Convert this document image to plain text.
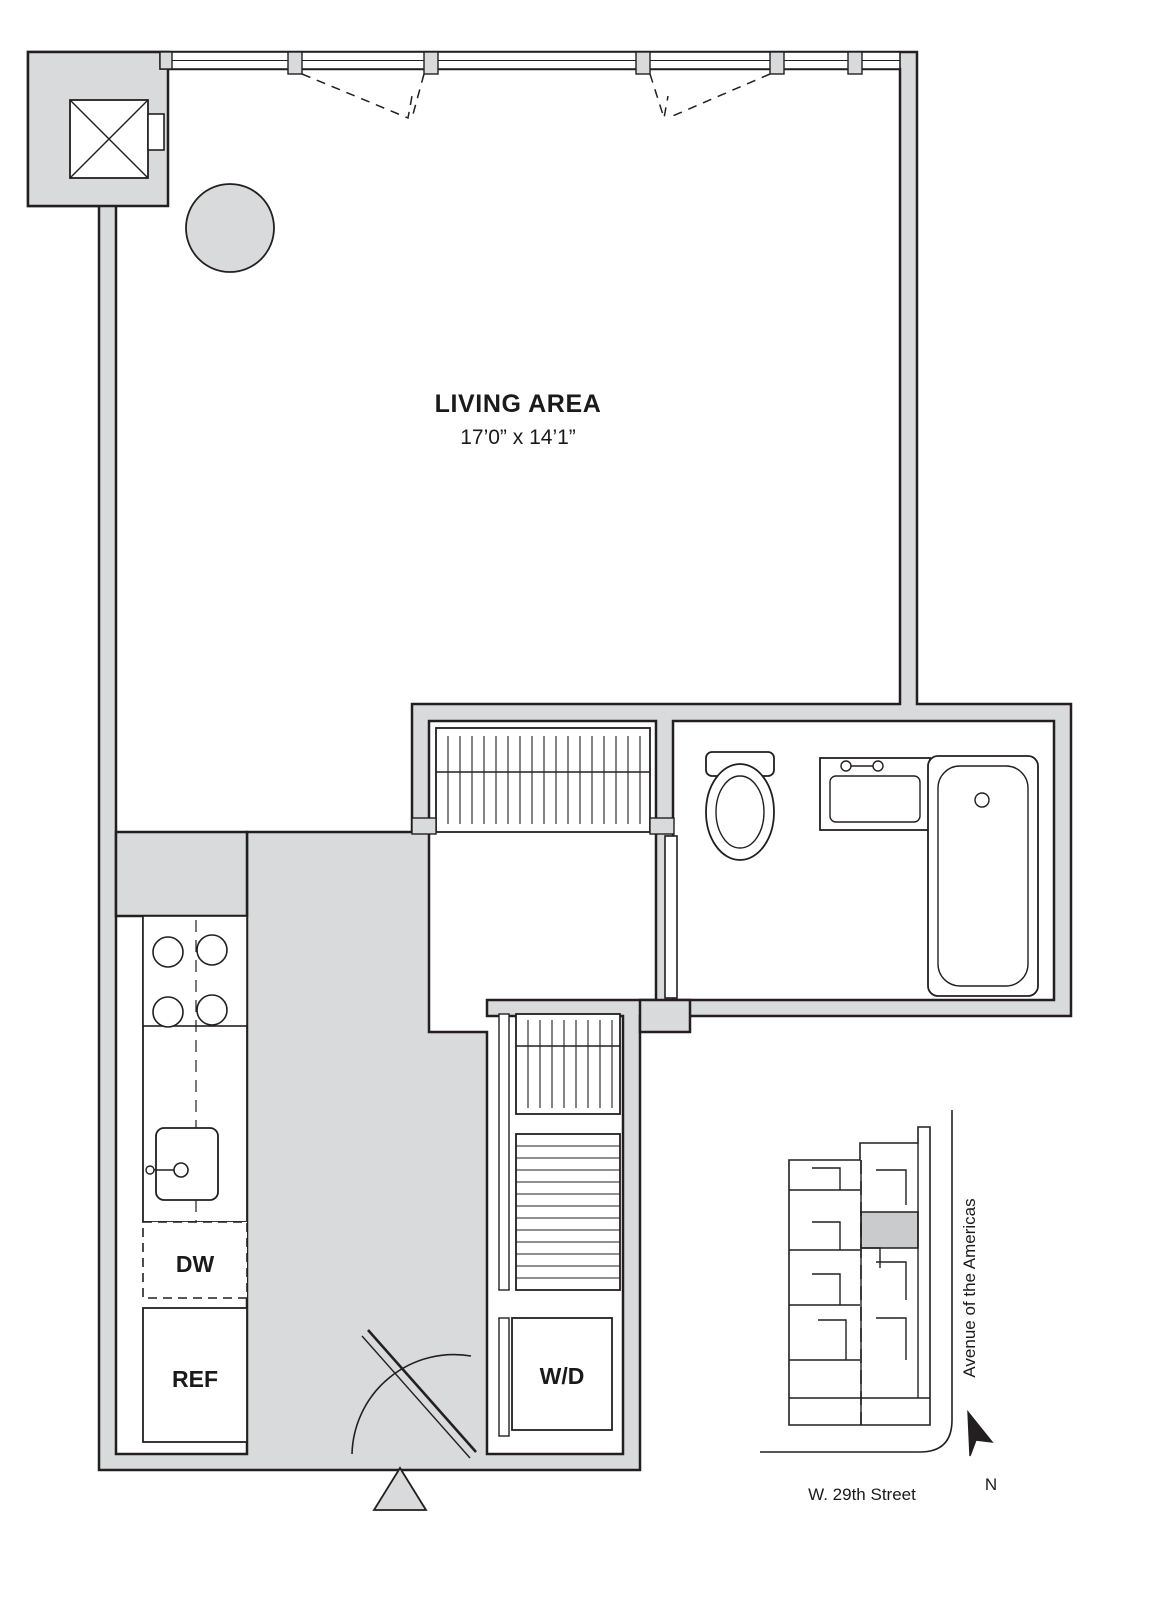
LIVING AREA
17’0” x 14’1”
DW
REF	W/D	Avenue of the Americas
W. 29th Street
N
